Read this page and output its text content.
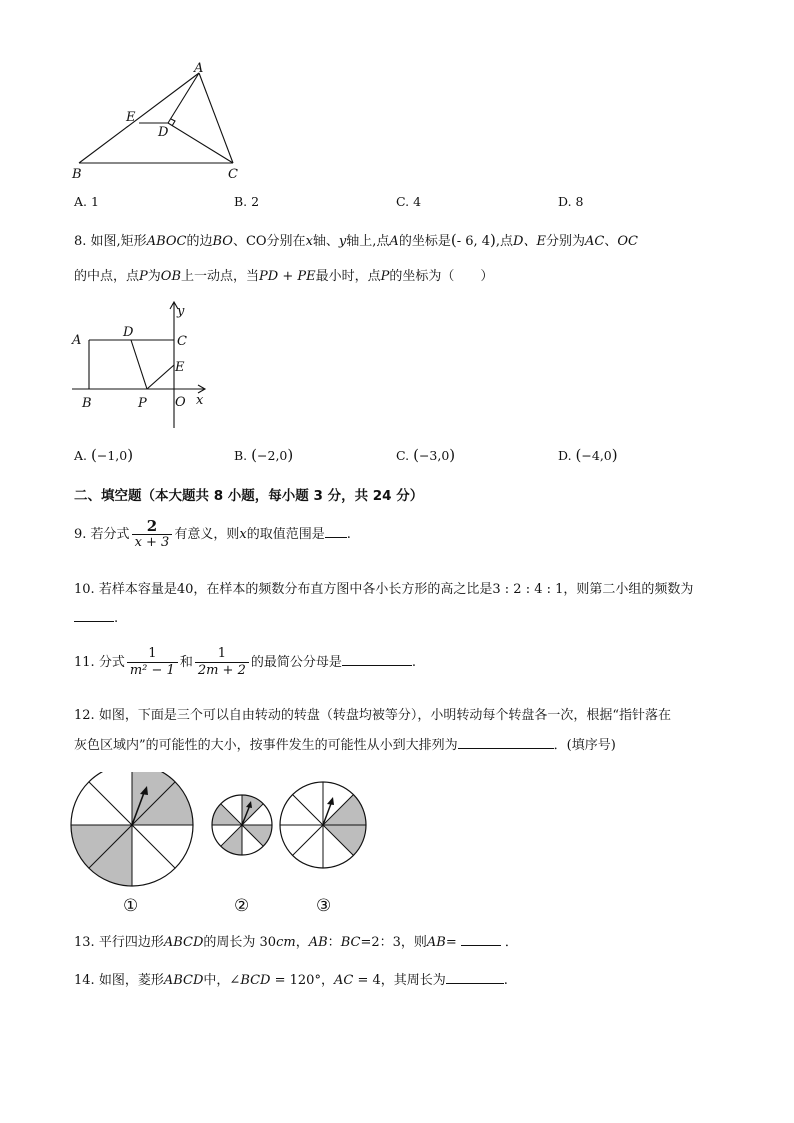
A
E
D
B	C
A. 1	B. 2	C. 4	D. 8
8. 如图,矩形ABOC的边BO、CO分别在x轴、y轴上,点A的坐标是(- 6, 4),点D、E分别为AC、OC
的中点，点P为OB上一动点，当PD + PE最小时，点P的坐标为（　　）
y
A
D
C
E
x
B	P O
A. (−1,0)	B. (−2,0)	C. (−3,0)	D. (−4,0)
二、填空题（本大题共 8 小题，每小题 3 分，共 24 分）
9. 若分式 $\frac{2}{x + 3}$ 有意义，则x的取值范围是 .
10. 若样本容量是40，在样本的频数分布直方图中各小长方形的高之比是3 : 2 : 4 : 1，则第二小组的频数为
.
11. 分式 $\frac{1}{\text{m² − 1}}$ 和 $\frac{1}{2m + 2}$ 的最简公分母是	.
12. 如图，下面是三个可以自由转动的转盘（转盘均被等分），小明转动每个转盘各一次，根据“指针落在
灰色区域内”的可能性的大小，按事件发生的可能性从小到大排列为	．(填序号)
①	②	③
13. 平行四边形ABCD的周长为 30cm，AB：BC=2：3，则AB=	．
14. 如图，菱形ABCD中，∠BCD = 120°，AC = 4，其周长为	.
